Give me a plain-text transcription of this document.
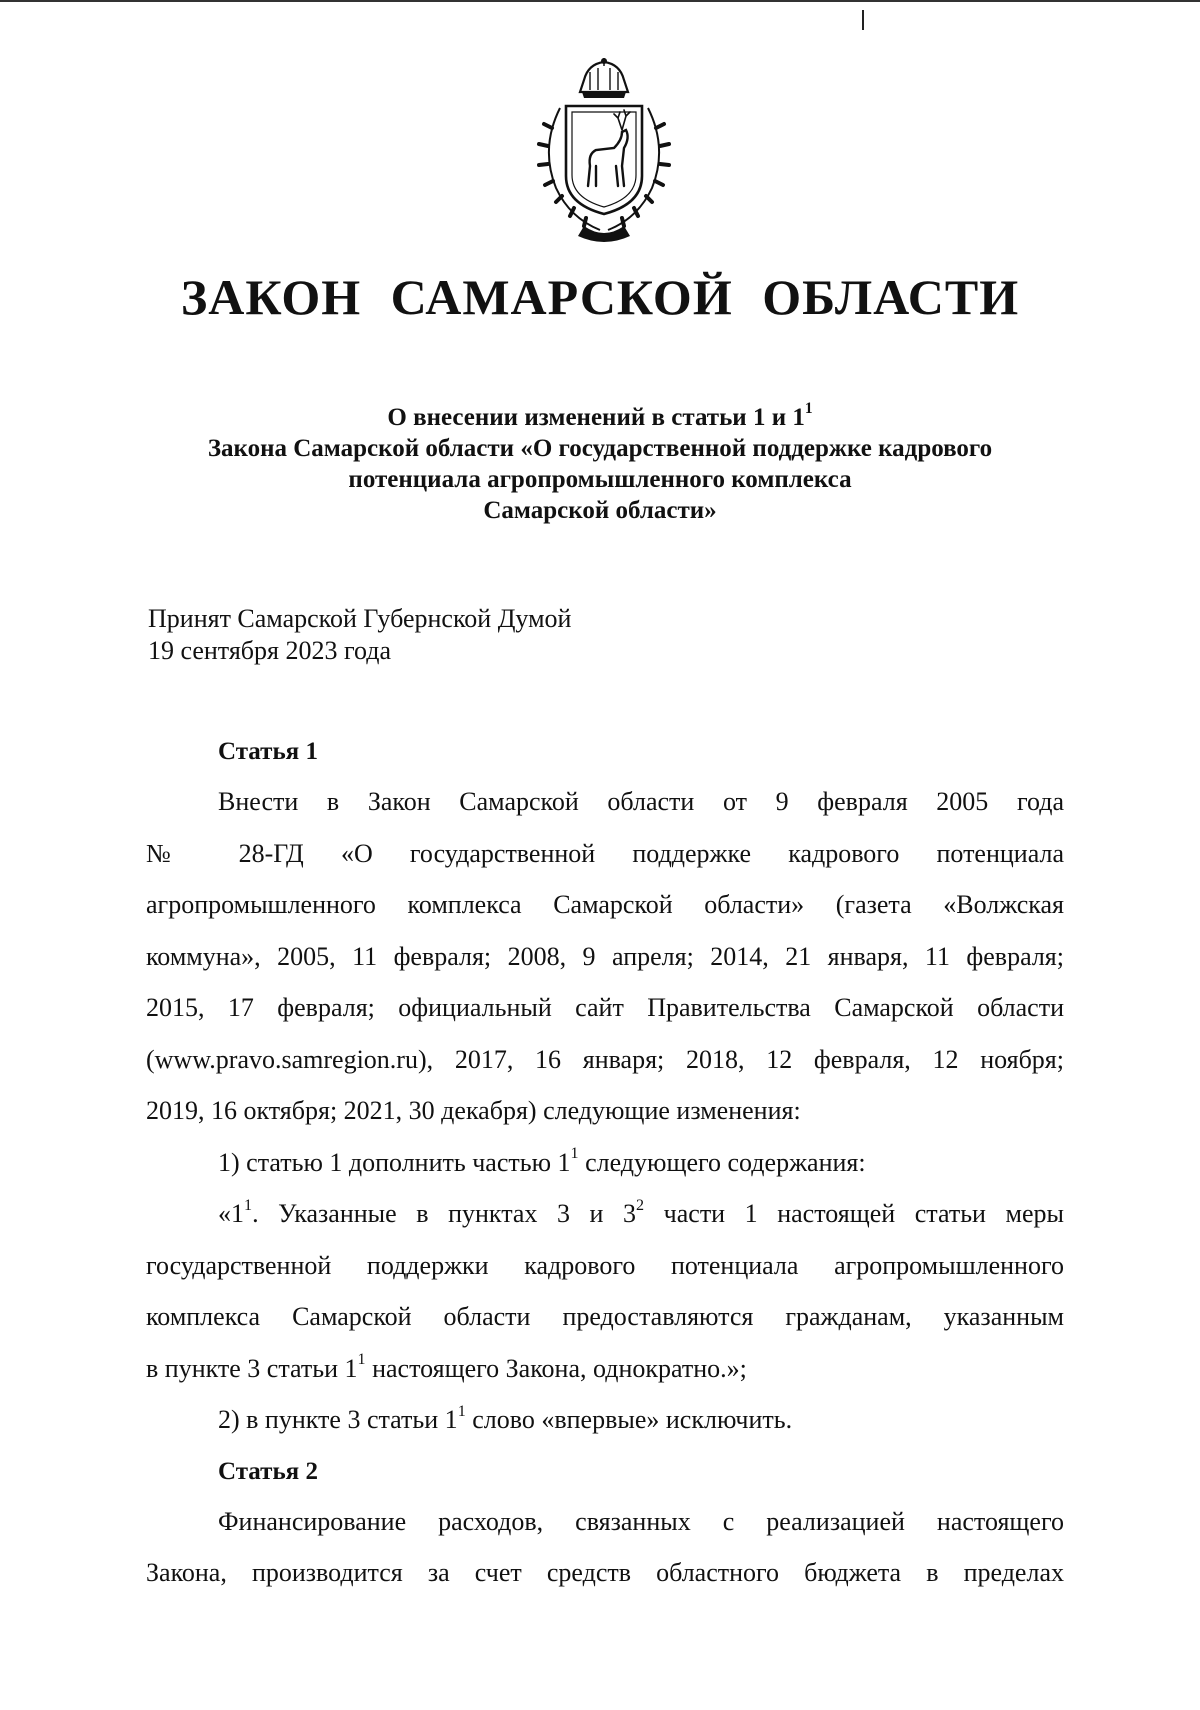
ЗАКОН САМАРСКОЙ ОБЛАСТИ
О внесении изменений в статьи 1 и $1^1$
Закона Самарской области «О государственной поддержке кадрового
потенциала агропромышленного комплекса
Самарской области»
Принят Самарской Губернской Думой
19 сентября 2023 года
Статья 1
Внести в Закон Самарской области от 9 февраля 2005 года
№ 28-ГД «О государственной поддержке кадрового потенциала
агропромышленного комплекса Самарской области» (газета «Волжская
коммуна», 2005, 11 февраля; 2008, 9 апреля; 2014, 21 января, 11 февраля;
2015, 17 февраля; официальный сайт Правительства Самарской области
(www.pravo.samregion.ru), 2017, 16 января; 2018, 12 февраля, 12 ноября;
2019, 16 октября; 2021, 30 декабря) следующие изменения:
1) статью 1 дополнить частью $1^1$ следующего содержания:
«$1^1$. Указанные в пунктах 3 и $3^2$ части 1 настоящей статьи меры
государственной поддержки кадрового потенциала агропромышленного
комплекса Самарской области предоставляются гражданам, указанным
в пункте 3 статьи $1^1$ настоящего Закона, однократно.»;
2) в пункте 3 статьи $1^1$ слово «впервые» исключить.
Статья 2
Финансирование расходов, связанных с реализацией настоящего
Закона, производится за счет средств областного бюджета в пределах
